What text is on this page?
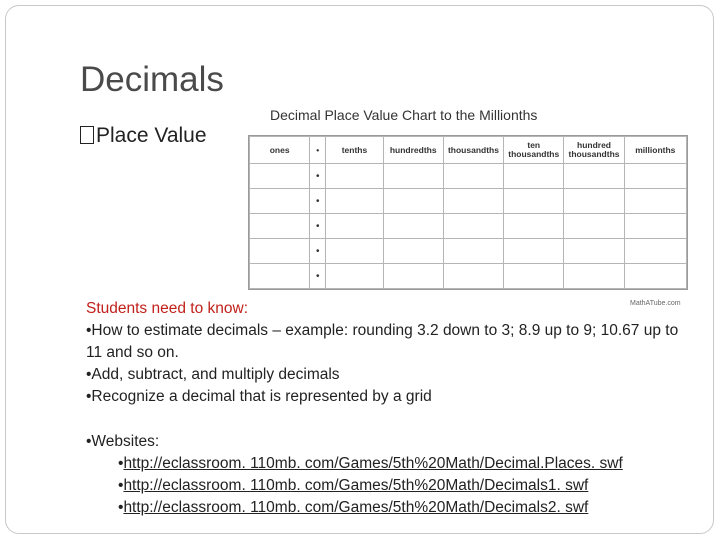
Decimals
Place Value
Decimal Place Value Chart to the Millionths
ones	•	tenths	hundredths	thousandths	ten thousandths	hundred thousandths	millionths
	•						
	•						
	•						
	•						
	•						
MathATube.com

Students need to know:

•How to estimate decimals – example: rounding 3.2 down to 3; 8.9 up to 9; 10.67 up to 11 and so on.

•Add, subtract, and multiply decimals

•Recognize a decimal that is represented by a grid

•Websites:

•http://eclassroom. 110mb. com/Games/5th%20Math/Decimal.Places. swf

•http://eclassroom. 110mb. com/Games/5th%20Math/Decimals1. swf

•http://eclassroom. 110mb. com/Games/5th%20Math/Decimals2. swf
